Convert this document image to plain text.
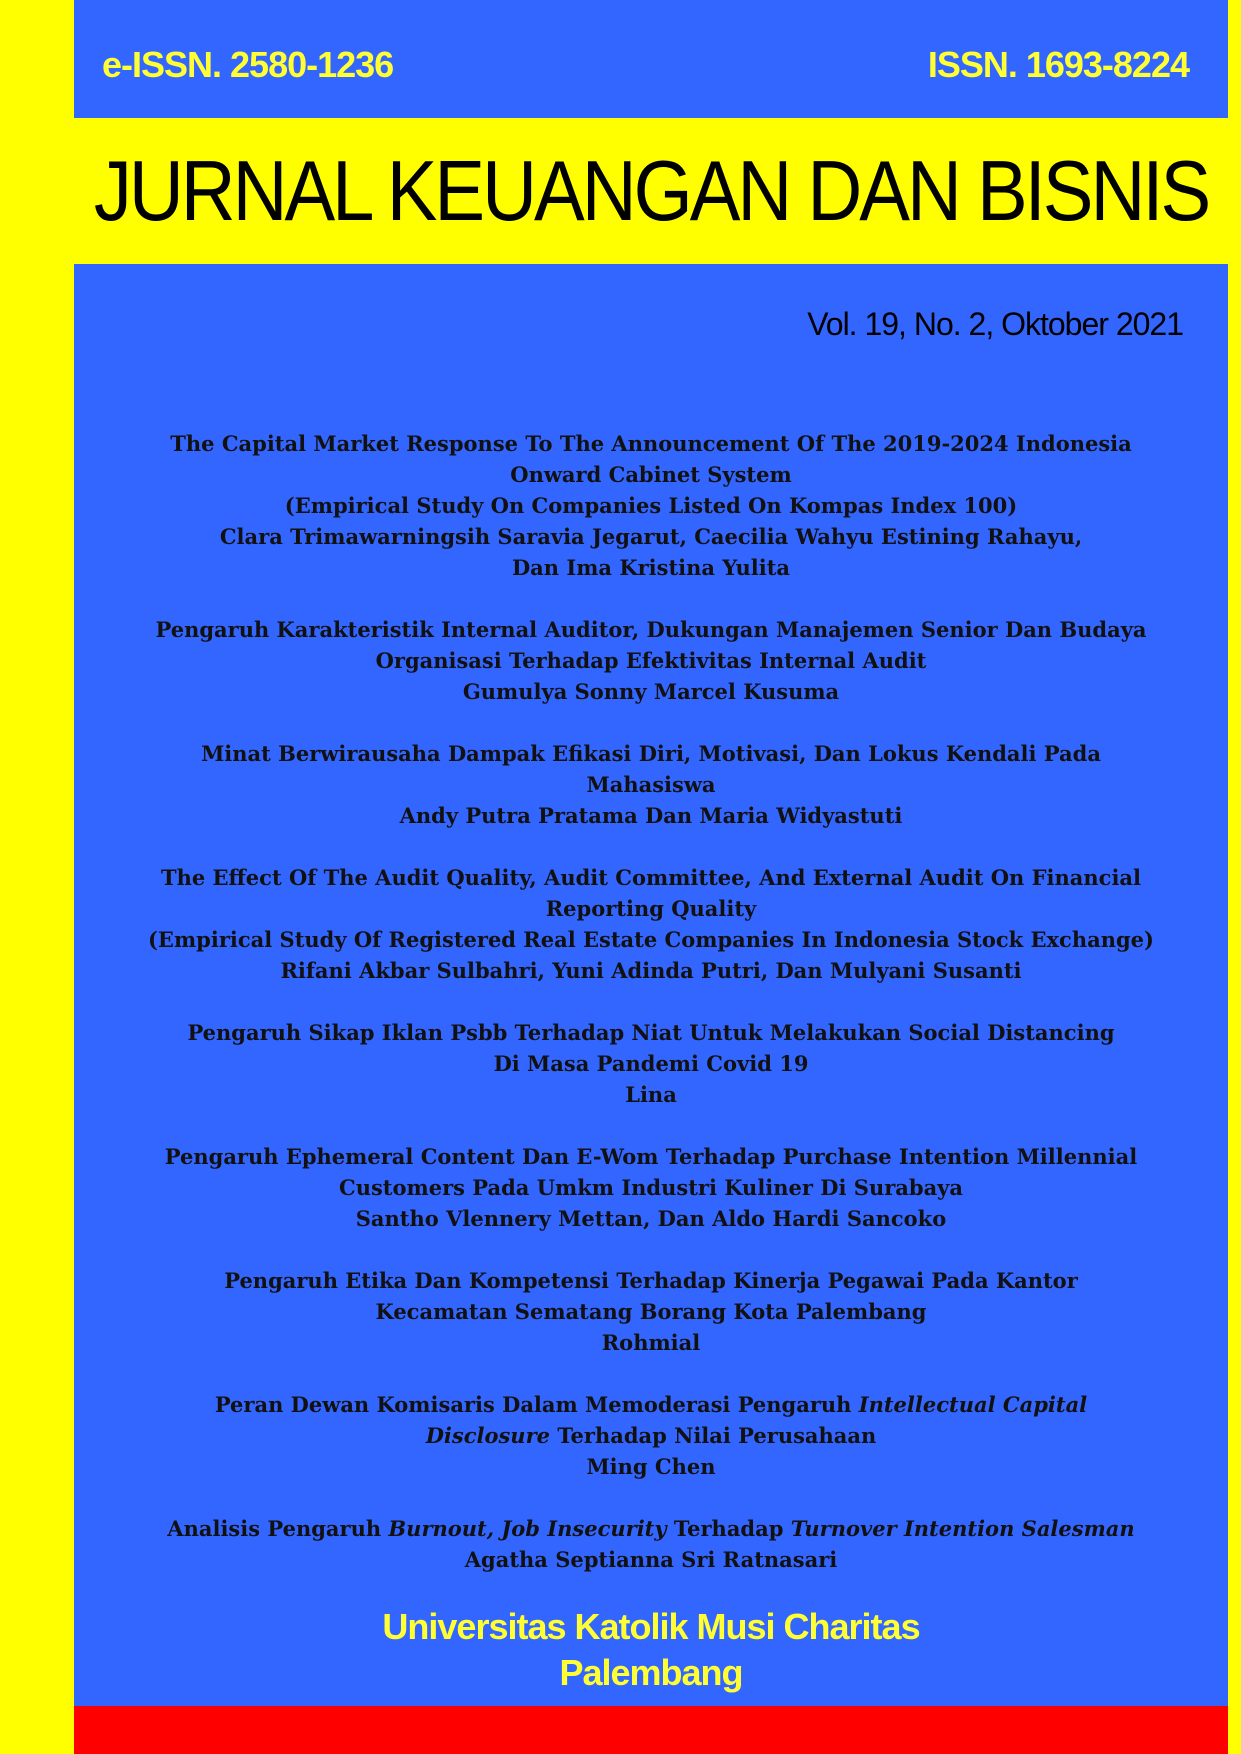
e-ISSN. 2580-1236	ISSN. 1693-8224
JURNAL KEUANGAN DAN BISNIS
Vol. 19, No. 2, Oktober 2021
The Capital Market Response To The Announcement Of The 2019-2024 Indonesia
Onward Cabinet System
(Empirical Study On Companies Listed On Kompas Index 100)
Clara Trimawarningsih Saravia Jegarut, Caecilia Wahyu Estining Rahayu,
Dan Ima Kristina Yulita
Pengaruh Karakteristik Internal Auditor, Dukungan Manajemen Senior Dan Budaya
Organisasi Terhadap Efektivitas Internal Audit
Gumulya Sonny Marcel Kusuma
Minat Berwirausaha Dampak Efikasi Diri, Motivasi, Dan Lokus Kendali Pada
Mahasiswa
Andy Putra Pratama Dan Maria Widyastuti
The Effect Of The Audit Quality, Audit Committee, And External Audit On Financial
Reporting Quality
(Empirical Study Of Registered Real Estate Companies In Indonesia Stock Exchange)
Rifani Akbar Sulbahri, Yuni Adinda Putri, Dan Mulyani Susanti
Pengaruh Sikap Iklan Psbb Terhadap Niat Untuk Melakukan Social Distancing
Di Masa Pandemi Covid 19
Lina
Pengaruh Ephemeral Content Dan E-Wom Terhadap Purchase Intention Millennial
Customers Pada Umkm Industri Kuliner Di Surabaya
Santho Vlennery Mettan, Dan Aldo Hardi Sancoko
Pengaruh Etika Dan Kompetensi Terhadap Kinerja Pegawai Pada Kantor
Kecamatan Sematang Borang Kota Palembang
Rohmial
Peran Dewan Komisaris Dalam Memoderasi Pengaruh Intellectual Capital
Disclosure Terhadap Nilai Perusahaan
Ming Chen
Analisis Pengaruh Burnout, Job Insecurity Terhadap Turnover Intention Salesman
Agatha Septianna Sri Ratnasari
Universitas Katolik Musi Charitas
Palembang
